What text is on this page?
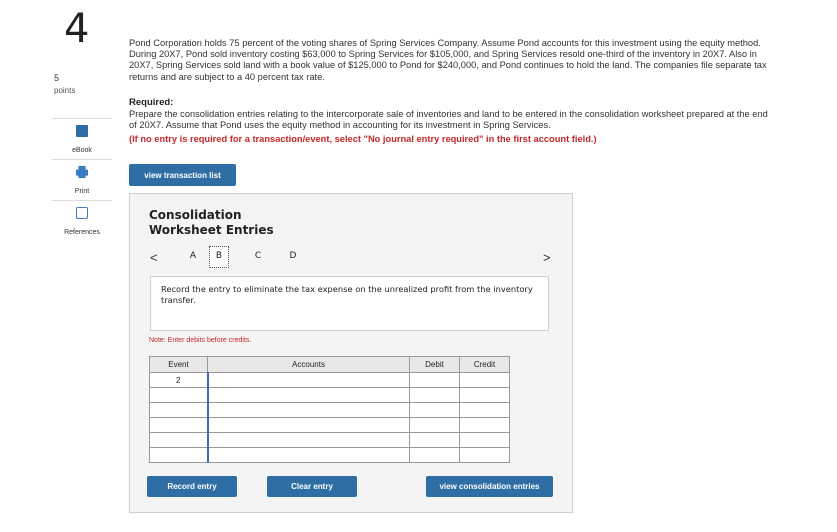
4
5
points
eBook
Print
References
Pond Corporation holds 75 percent of the voting shares of Spring Services Company. Assume Pond accounts for this investment using the equity method. During 20X7, Pond sold inventory costing $63,000 to Spring Services for $105,000, and Spring Services resold one-third of the inventory in 20X7. Also in 20X7, Spring Services sold land with a book value of $125,000 to Pond for $240,000, and Pond continues to hold the land. The companies file separate tax returns and are subject to a 40 percent tax rate.
Required:
Prepare the consolidation entries relating to the intercorporate sale of inventories and land to be entered in the consolidation worksheet prepared at the end of 20X7. Assume that Pond uses the equity method in accounting for its investment in Spring Services.
(If no entry is required for a transaction/event, select "No journal entry required" in the first account field.)
view transaction list
Consolidation
Worksheet Entries
<	A	B	C	D	>
Record the entry to eliminate the tax expense on the unrealized profit from the inventory transfer.
Note: Enter debits before credits.
Event	Accounts	Debit	Credit
2			

Record entry	Clear entry	view consolidation entries
